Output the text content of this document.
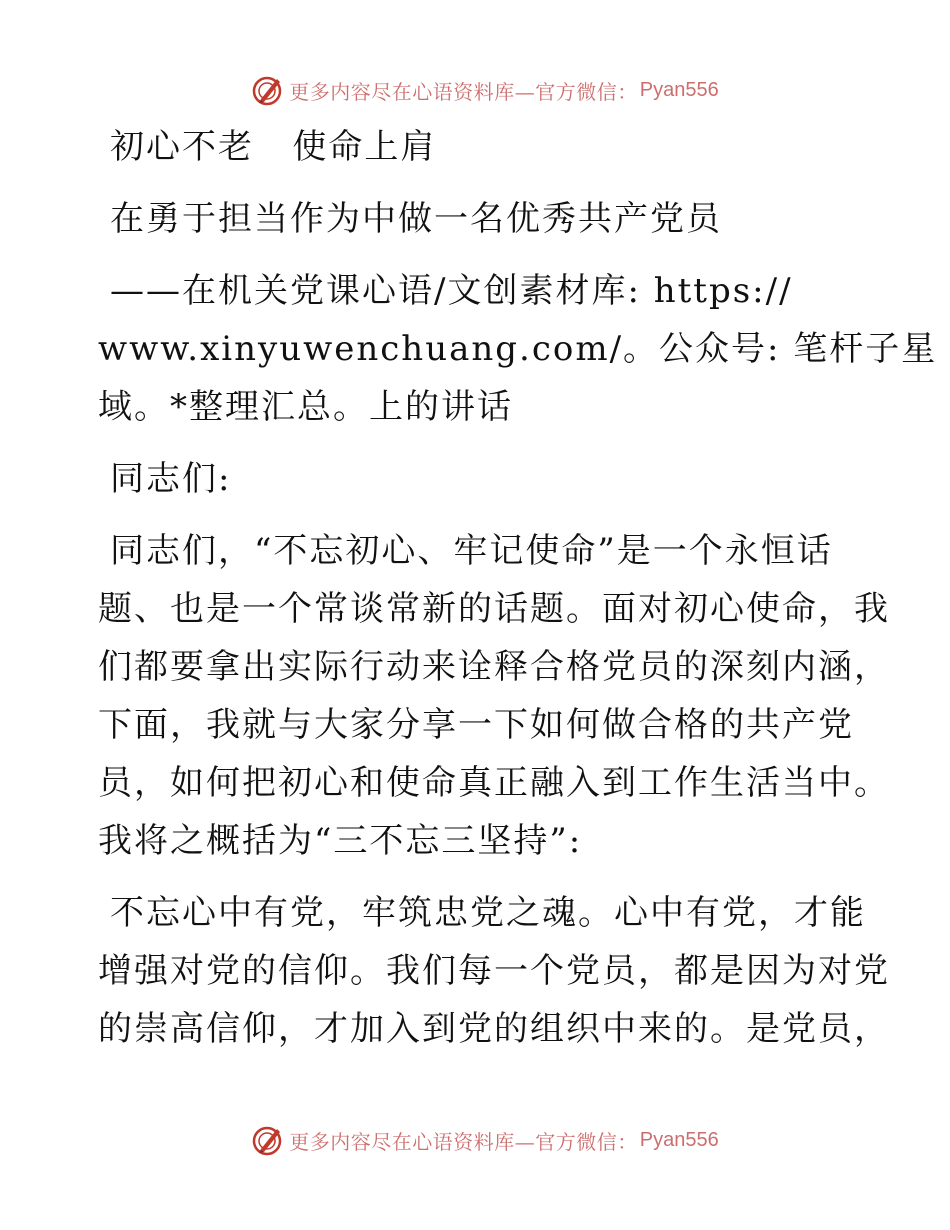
更多内容尽在心语资料库—官方微信： Pyan556
初心不老   使命上肩
在勇于担当作为中做一名优秀共产党员
——在机关党课心语/文创素材库: https://
www.xinyuwenchuang.com/。公众号: 笔杆子星
域。*整理汇总。上的讲话
同志们:
同志们，“不忘初心、牢记使命”是一个永恒话
题、也是一个常谈常新的话题。面对初心使命，我
们都要拿出实际行动来诠释合格党员的深刻内涵，
下面，我就与大家分享一下如何做合格的共产党
员，如何把初心和使命真正融入到工作生活当中。
我将之概括为“三不忘三坚持”:
不忘心中有党，牢筑忠党之魂。心中有党，才能
增强对党的信仰。我们每一个党员，都是因为对党
的崇高信仰，才加入到党的组织中来的。是党员，
更多内容尽在心语资料库—官方微信： Pyan556
